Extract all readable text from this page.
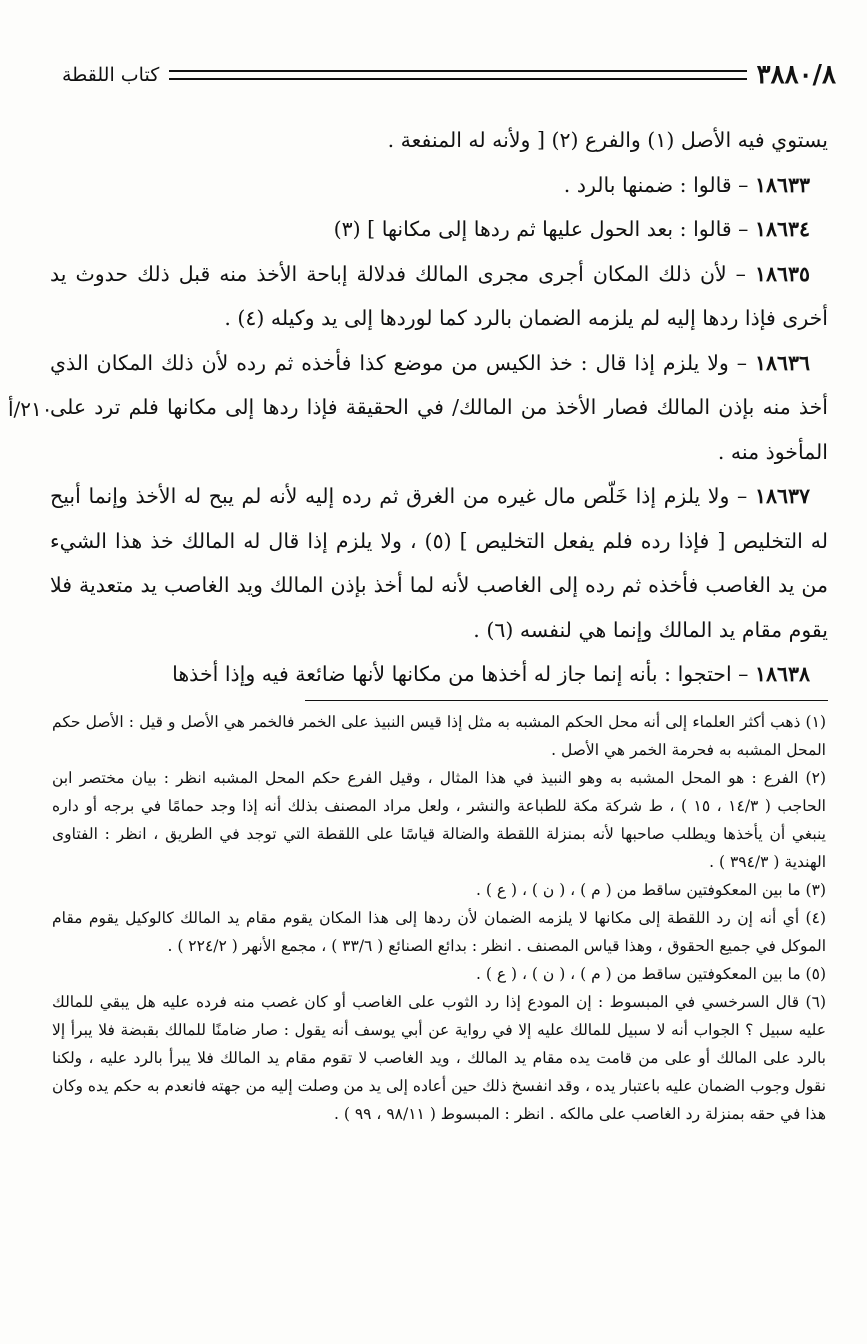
٣٨٨٠/٨
كتاب اللقطة
٢١٠/أ

يستوي فيه الأصل (١) والفرع (٢) [ ولأنه له المنفعة .

١٨٦٣٣ – قالوا : ضمنها بالرد .

١٨٦٣٤ – قالوا : بعد الحول عليها ثم ردها إلى مكانها ] (٣)

١٨٦٣٥ – لأن ذلك المكان أجرى مجرى المالك فدلالة إباحة الأخذ منه قبل ذلك حدوث يد أخرى فإذا ردها إليه لم يلزمه الضمان بالرد كما لوردها إلى يد وكيله (٤) .

١٨٦٣٦ – ولا يلزم إذا قال : خذ الكيس من موضع كذا فأخذه ثم رده لأن ذلك المكان الذي أخذ منه بإذن المالك فصار الأخذ من المالك/ في الحقيقة فإذا ردها إلى مكانها فلم ترد على المأخوذ منه .

١٨٦٣٧ – ولا يلزم إذا خَلّص مال غيره من الغرق ثم رده إليه لأنه لم يبح له الأخذ وإنما أبيح له التخليص [ فإذا رده فلم يفعل التخليص ] (٥) ، ولا يلزم إذا قال له المالك خذ هذا الشيء من يد الغاصب فأخذه ثم رده إلى الغاصب لأنه لما أخذ بإذن المالك ويد الغاصب يد متعدية فلا يقوم مقام يد المالك وإنما هي لنفسه (٦) .

١٨٦٣٨ – احتجوا : بأنه إنما جاز له أخذها من مكانها لأنها ضائعة فيه وإذا أخذها

(١) ذهب أكثر العلماء إلى أنه محل الحكم المشبه به مثل إذا قيس النبيذ على الخمر فالخمر هي الأصل و قيل : الأصل حكم المحل المشبه به فحرمة الخمر هي الأصل .

(٢) الفرع : هو المحل المشبه به وهو النبيذ في هذا المثال ، وقيل الفرع حكم المحل المشبه انظر : بيان مختصر ابن الحاجب ( ١٤/٣ ، ١٥ ) ، ط شركة مكة للطباعة والنشر ، ولعل مراد المصنف بذلك أنه إذا وجد حمامًا في برجه أو داره ينبغي أن يأخذها ويطلب صاحبها لأنه بمنزلة اللقطة والضالة قياسًا على اللقطة التي توجد في الطريق ، انظر : الفتاوى الهندية ( ٣٩٤/٣ ) .

(٣) ما بين المعكوفتين ساقط من ( م ) ، ( ن ) ، ( ع ) .

(٤) أي أنه إن رد اللقطة إلى مكانها لا يلزمه الضمان لأن ردها إلى هذا المكان يقوم مقام يد المالك كالوكيل يقوم مقام الموكل في جميع الحقوق ، وهذا قياس المصنف . انظر : بدائع الصنائع ( ٣٣/٦ ) ، مجمع الأنهر ( ٢٢٤/٢ ) .

(٥) ما بين المعكوفتين ساقط من ( م ) ، ( ن ) ، ( ع ) .

(٦) قال السرخسي في المبسوط : إن المودع إذا رد الثوب على الغاصب أو كان غصب منه فرده عليه هل يبقي للمالك عليه سبيل ؟ الجواب أنه لا سبيل للمالك عليه إلا في رواية عن أبي يوسف أنه يقول : صار ضامنًا للمالك بقبضة فلا يبرأ إلا بالرد على المالك أو على من قامت يده مقام يد المالك ، ويد الغاصب لا تقوم مقام يد المالك فلا يبرأ بالرد عليه ، ولكنا نقول وجوب الضمان عليه باعتبار يده ، وقد انفسخ ذلك حين أعاده إلى يد من وصلت إليه من جهته فانعدم به حكم يده وكان هذا في حقه بمنزلة رد الغاصب على مالكه . انظر : المبسوط ( ٩٨/١١ ، ٩٩ ) .
